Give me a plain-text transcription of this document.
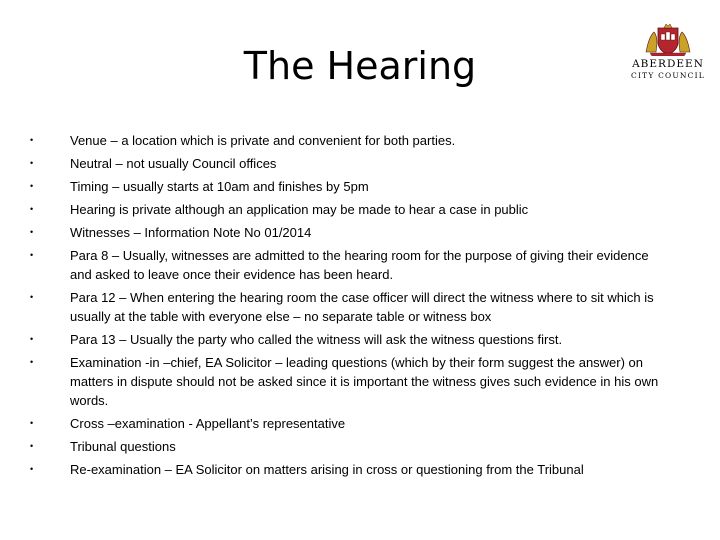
The Hearing	ABERDEEN
CITY COUNCIL
•	Venue – a location which is private and convenient for both parties.
•	Neutral – not usually Council offices
•	Timing – usually starts at 10am and finishes by 5pm
•	Hearing is private although an application may be made to hear a case in public
•	Witnesses – Information Note No 01/2014
•	Para 8 – Usually, witnesses are admitted to the hearing room for the purpose of giving their evidence and asked to leave once their evidence has been heard.
•	Para 12 – When entering the hearing room the case officer will direct the witness where to sit which is usually at the table with everyone else – no separate table or witness box
•	Para 13 – Usually the party who called the witness will ask the witness questions first.
•	Examination -in –chief, EA Solicitor – leading questions (which by their form suggest the answer) on matters in dispute should not be asked since it is important the witness gives such evidence in his own words.
•	Cross –examination - Appellant’s representative
•	Tribunal questions
•	Re-examination – EA Solicitor on matters arising in cross or questioning from the Tribunal
